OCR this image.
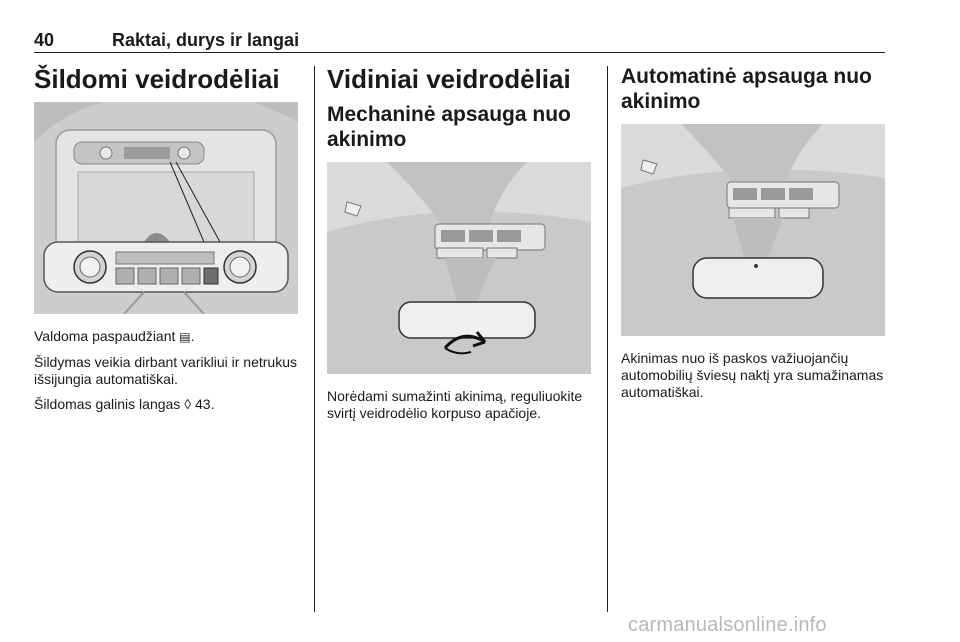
40	Raktai, durys ir langai
Šildomi veidrodėliai

Valdoma paspaudžiant ▤.

Šildymas veikia dirbant varikliui ir netrukus išsijungia automatiškai.

Šildomas galinis langas ◊ 43.

Vidiniai veidrodėliai
Mechaninė apsauga nuo akinimo

Norėdami sumažinti akinimą, reguliuokite svirtį veidrodėlio korpuso apačioje.

Automatinė apsauga nuo akinimo

Akinimas nuo iš paskos važiuojančių automobilių šviesų naktį yra sumažinamas automatiškai.

carmanualsonline.info
